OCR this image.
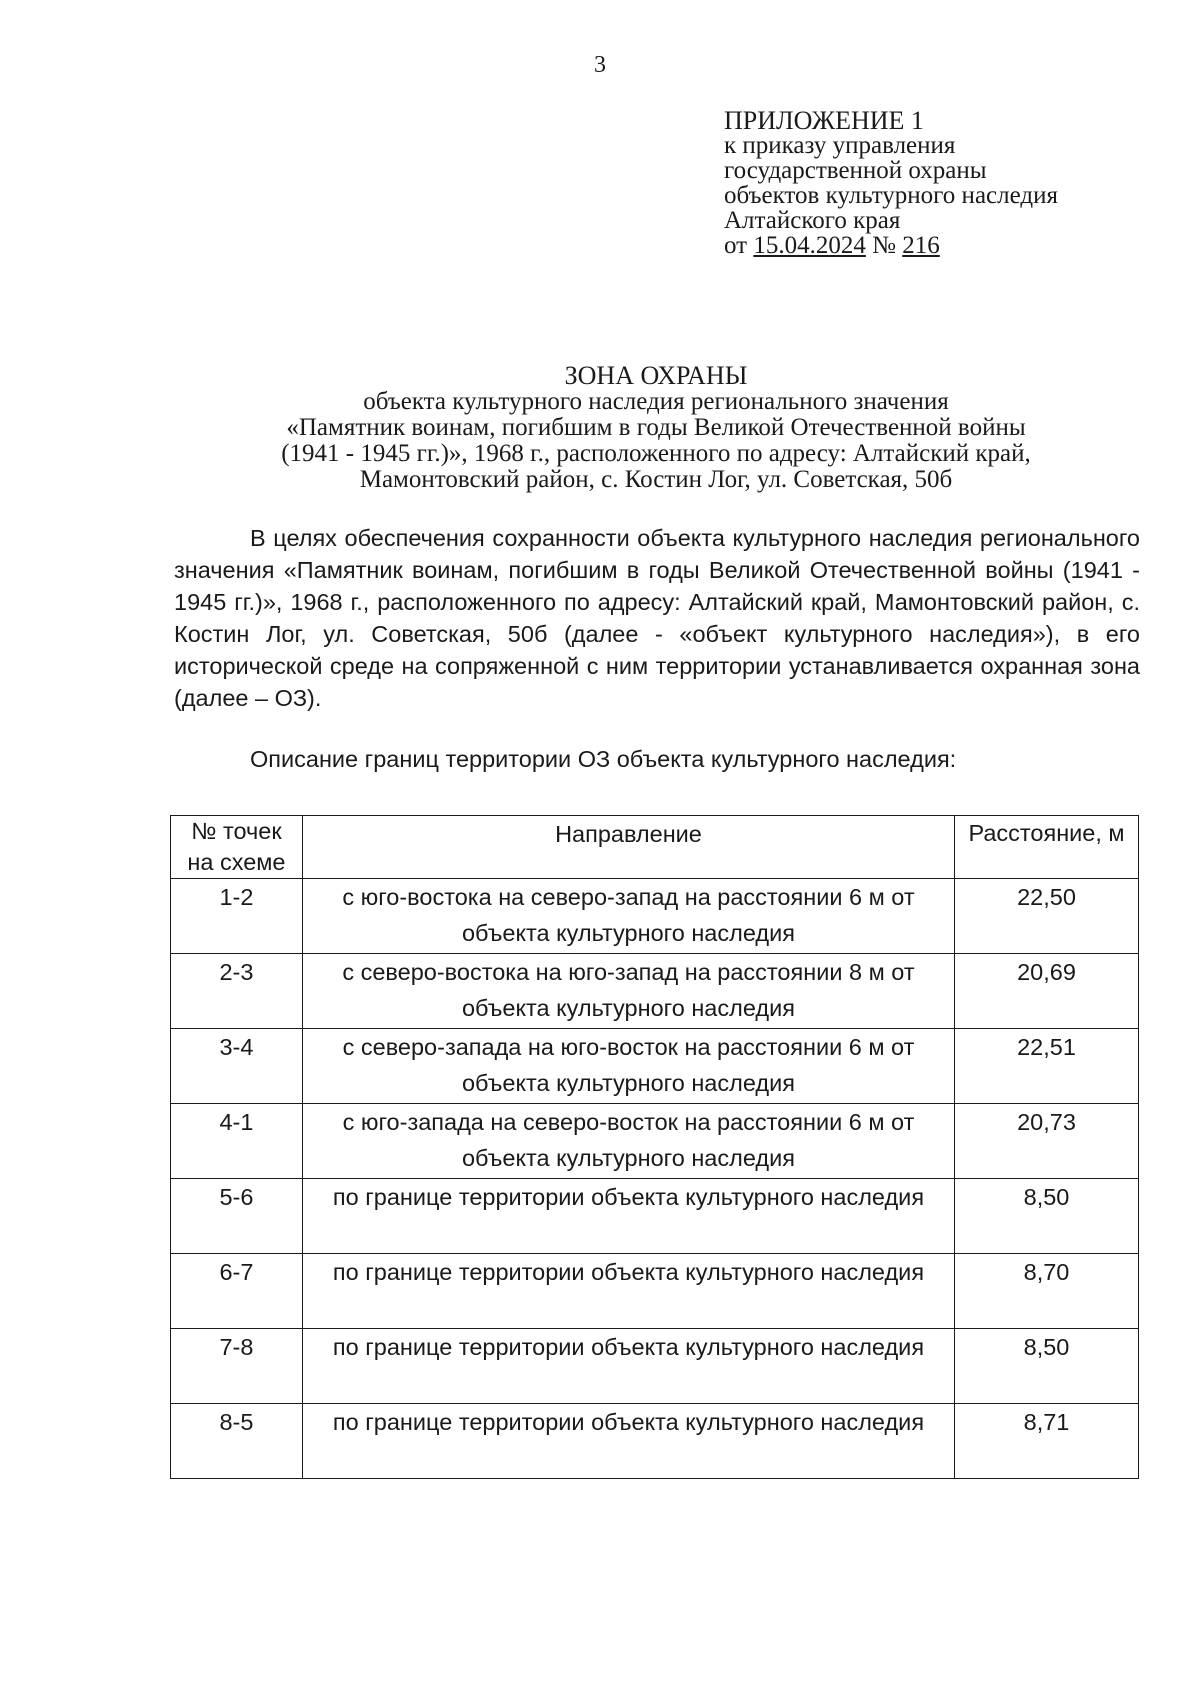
3
ПРИЛОЖЕНИЕ 1
к приказу управления
государственной охраны
объектов культурного наследия
Алтайского края
от 15.04.2024 № 216
ЗОНА ОХРАНЫ
объекта культурного наследия регионального значения
«Памятник воинам, погибшим в годы Великой Отечественной войны
(1941 - 1945 гг.)», 1968 г., расположенного по адресу: Алтайский край,
Мамонтовский район, с. Костин Лог, ул. Советская, 50б

В целях обеспечения сохранности объекта культурного наследия регионального значения «Памятник воинам, погибшим в годы Великой Отечественной войны (1941 - 1945 гг.)», 1968 г., расположенного по адресу: Алтайский край, Мамонтовский район, с. Костин Лог, ул. Советская, 50б (далее - «объект культурного наследия»), в его исторической среде на сопряженной с ним территории устанавливается охранная зона (далее – ОЗ).

Описание границ территории ОЗ объекта культурного наследия:
№ точек на схеме	Направление	Расстояние, м
1-2	с юго-востока на северо-запад на расстоянии 6 м от объекта культурного наследия	22,50
2-3	с северо-востока на юго-запад на расстоянии 8 м от объекта культурного наследия	20,69
3-4	с северо-запада на юго-восток на расстоянии 6 м от объекта культурного наследия	22,51
4-1	с юго-запада на северо-восток на расстоянии 6 м от объекта культурного наследия	20,73
5-6	по границе территории объекта культурного наследия	8,50
6-7	по границе территории объекта культурного наследия	8,70
7-8	по границе территории объекта культурного наследия	8,50
8-5	по границе территории объекта культурного наследия	8,71
